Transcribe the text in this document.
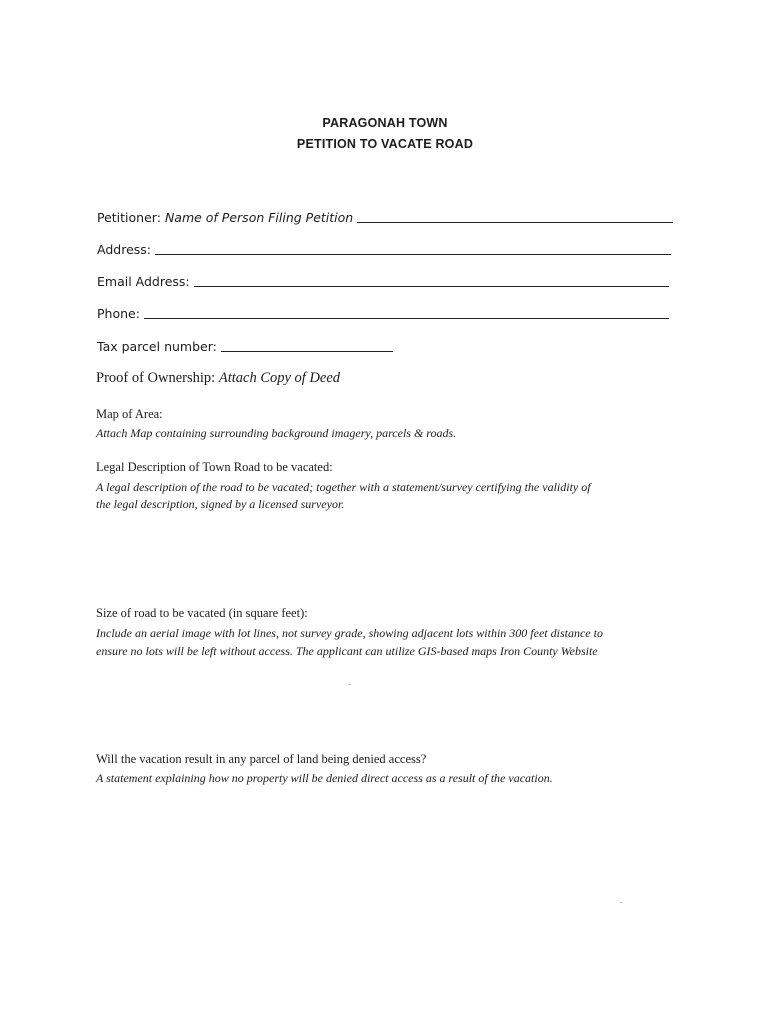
PARAGONAH TOWN
PETITION TO VACATE ROAD
Petitioner: Name of Person Filing Petition
Address:
Email Address:
Phone:
Tax parcel number:
Proof of Ownership: Attach Copy of Deed
Map of Area:
Attach Map containing surrounding background imagery, parcels & roads.
Legal Description of Town Road to be vacated:
A legal description of the road to be vacated; together with a statement/survey certifying the validity of
the legal description, signed by a licensed surveyor.
Size of road to be vacated (in square feet):
Include an aerial image with lot lines, not survey grade, showing adjacent lots within 300 feet distance to
ensure no lots will be left without access. The applicant can utilize GIS-based maps Iron County Website
Will the vacation result in any parcel of land being denied access?
A statement explaining how no property will be denied direct access as a result of the vacation.
